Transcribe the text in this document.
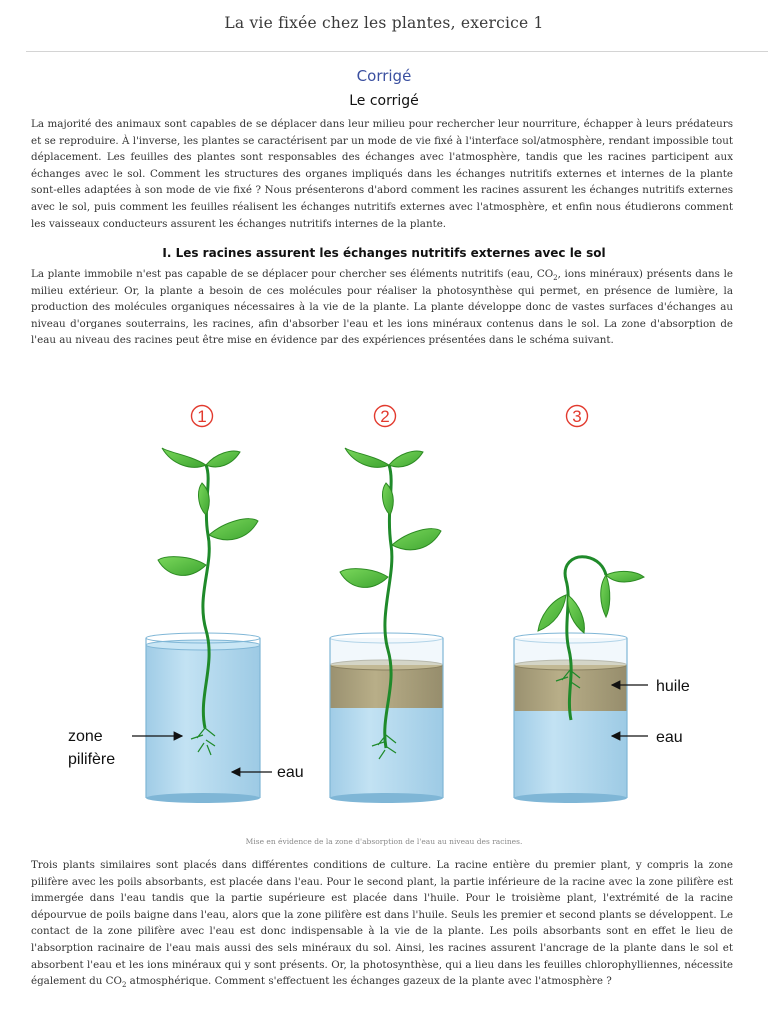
La vie fixée chez les plantes, exercice 1
Corrigé
Le corrigé

La majorité des animaux sont capables de se déplacer dans leur milieu pour rechercher leur nourriture, échapper à leurs prédateurs et se reproduire. À l'inverse, les plantes se caractérisent par un mode de vie fixé à l'interface sol/atmosphère, rendant impossible tout déplacement. Les feuilles des plantes sont responsables des échanges avec l'atmosphère, tandis que les racines participent aux échanges avec le sol. Comment les structures des organes impliqués dans les échanges nutritifs externes et internes de la plante sont-elles adaptées à son mode de vie fixé ? Nous présenterons d'abord comment les racines assurent les échanges nutritifs externes avec le sol, puis comment les feuilles réalisent les échanges nutritifs externes avec l'atmosphère, et enfin nous étudierons comment les vaisseaux conducteurs assurent les échanges nutritifs internes de la plante.

I. Les racines assurent les échanges nutritifs externes avec le sol

La plante immobile n'est pas capable de se déplacer pour chercher ses éléments nutritifs (eau, $CO_2$, ions minéraux) présents dans le milieu extérieur. Or, la plante a besoin de ces molécules pour réaliser la photosynthèse qui permet, en présence de lumière, la production des molécules organiques nécessaires à la vie de la plante. La plante développe donc de vastes surfaces d'échanges au niveau d'organes souterrains, les racines, afin d'absorber l'eau et les ions minéraux contenus dans le sol. La zone d'absorption de l'eau au niveau des racines peut être mise en évidence par des expériences présentées dans le schéma suivant.

1	2	3
zone
pilifère
eau
huile
eau
Mise en évidence de la zone d'absorption de l'eau au niveau des racines.

Trois plants similaires sont placés dans différentes conditions de culture. La racine entière du premier plant, y compris la zone pilifère avec les poils absorbants, est placée dans l'eau. Pour le second plant, la partie inférieure de la racine avec la zone pilifère est immergée dans l'eau tandis que la partie supérieure est placée dans l'huile. Pour le troisième plant, l'extrémité de la racine dépourvue de poils baigne dans l'eau, alors que la zone pilifère est dans l'huile. Seuls les premier et second plants se développent. Le contact de la zone pilifère avec l'eau est donc indispensable à la vie de la plante. Les poils absorbants sont en effet le lieu de l'absorption racinaire de l'eau mais aussi des sels minéraux du sol. Ainsi, les racines assurent l'ancrage de la plante dans le sol et absorbent l'eau et les ions minéraux qui y sont présents. Or, la photosynthèse, qui a lieu dans les feuilles chlorophylliennes, nécessite également du $CO_2$ atmosphérique. Comment s'effectuent les échanges gazeux de la plante avec l'atmosphère ?
